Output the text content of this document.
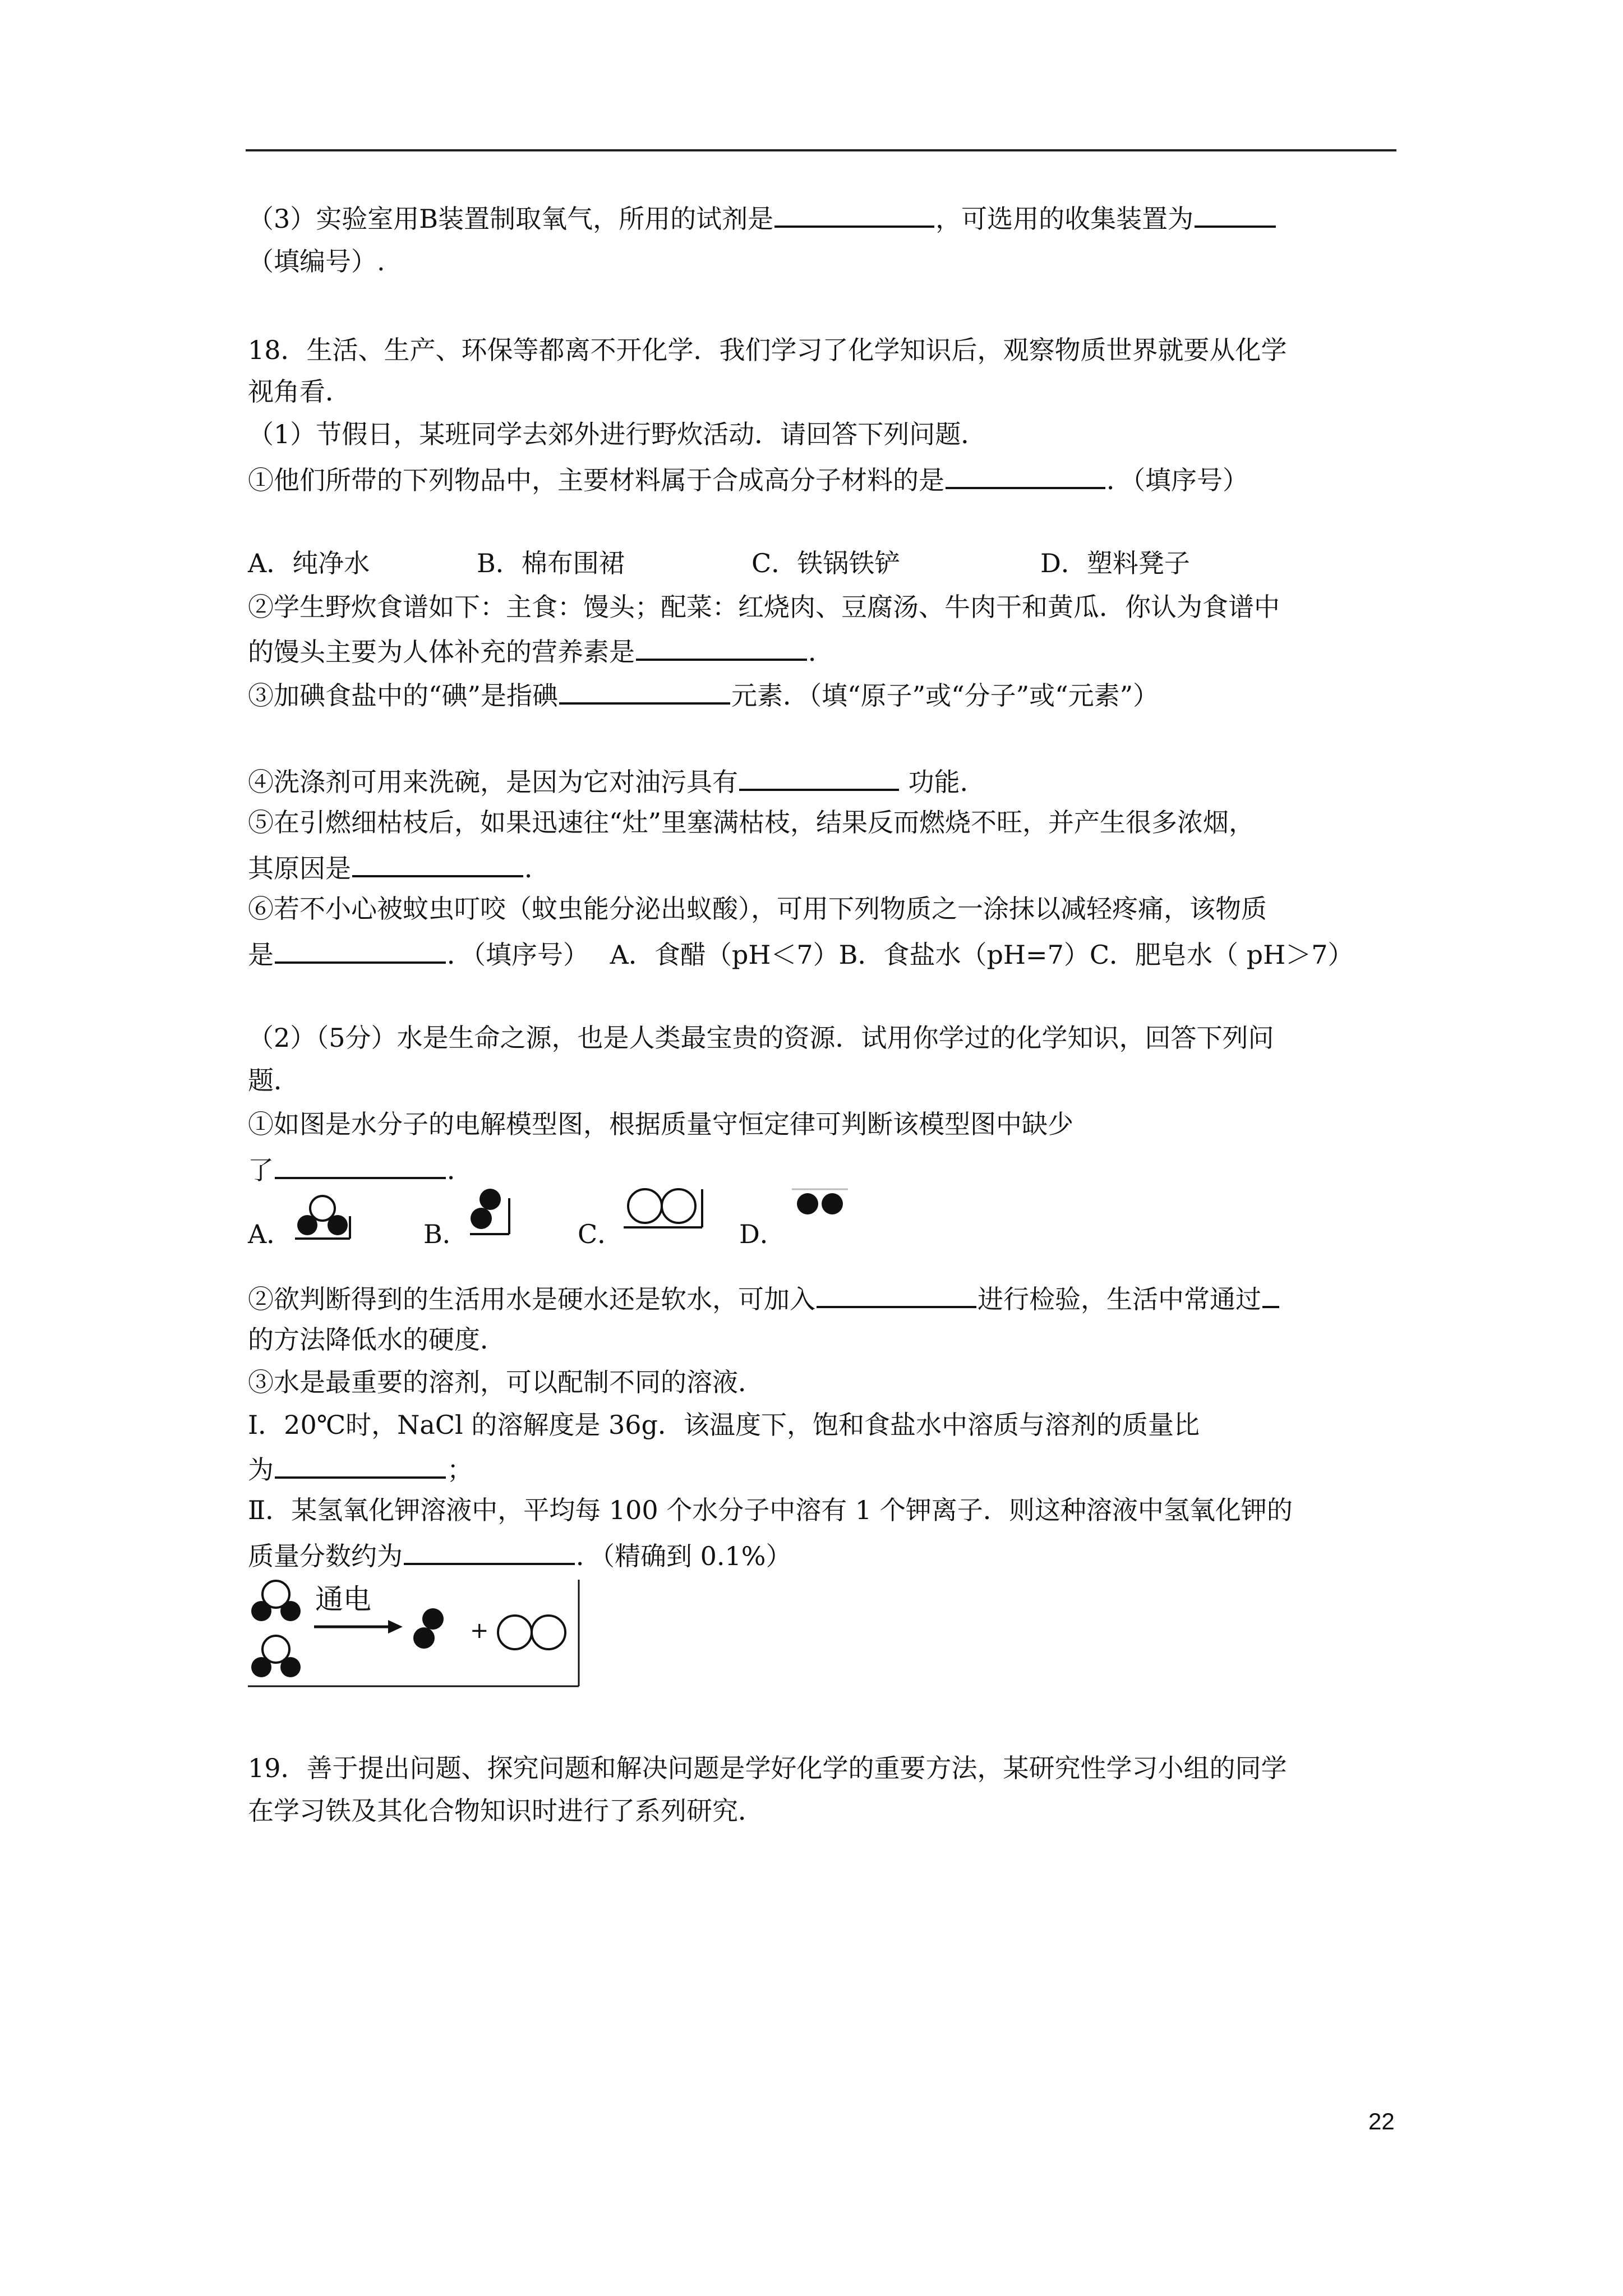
（3）实验室用B装置制取氧气，所用的试剂是	，可选用的收集装置为
（填编号）.
18．生活、生产、环保等都离不开化学．我们学习了化学知识后，观察物质世界就要从化学
视角看．
（1）节假日，某班同学去郊外进行野炊活动．请回答下列问题．
①他们所带的下列物品中，主要材料属于合成高分子材料的是	．（填序号）
A．纯净水	B．棉布围裙	C．铁锅铁铲	D．塑料凳子
②学生野炊食谱如下：主食：馒头；配菜：红烧肉、豆腐汤、牛肉干和黄瓜．你认为食谱中
的馒头主要为人体补充的营养素是	．
③加碘食盐中的“碘”是指碘	元素．（填“原子”或“分子”或“元素”）
④洗涤剂可用来洗碗，是因为它对油污具有	功能．
⑤在引燃细枯枝后，如果迅速往“灶”里塞满枯枝，结果反而燃烧不旺，并产生很多浓烟，
其原因是	．
⑥若不小心被蚊虫叮咬（蚊虫能分泌出蚁酸），可用下列物质之一涂抹以减轻疼痛，该物质
是	．（填序号）　 A．食醋（pH＜7）B．食盐水（pH=7）C．肥皂水（ pH＞7）
（2）（5分）水是生命之源，也是人类最宝贵的资源．试用你学过的化学知识，回答下列问
题．
①如图是水分子的电解模型图，根据质量守恒定律可判断该模型图中缺少
了	．
A．	B．	C．	D．
②欲判断得到的生活用水是硬水还是软水，可加入	进行检验，生活中常通过
的方法降低水的硬度．
③水是最重要的溶剂，可以配制不同的溶液．
Ⅰ．20℃时，NaCl 的溶解度是 36g．该温度下，饱和食盐水中溶质与溶剂的质量比
为	；
Ⅱ．某氢氧化钾溶液中，平均每 100 个水分子中溶有 1 个钾离子．则这种溶液中氢氧化钾的
质量分数约为	．（精确到 0.1%）
通电
+
19．善于提出问题、探究问题和解决问题是学好化学的重要方法，某研究性学习小组的同学
在学习铁及其化合物知识时进行了系列研究．
22
